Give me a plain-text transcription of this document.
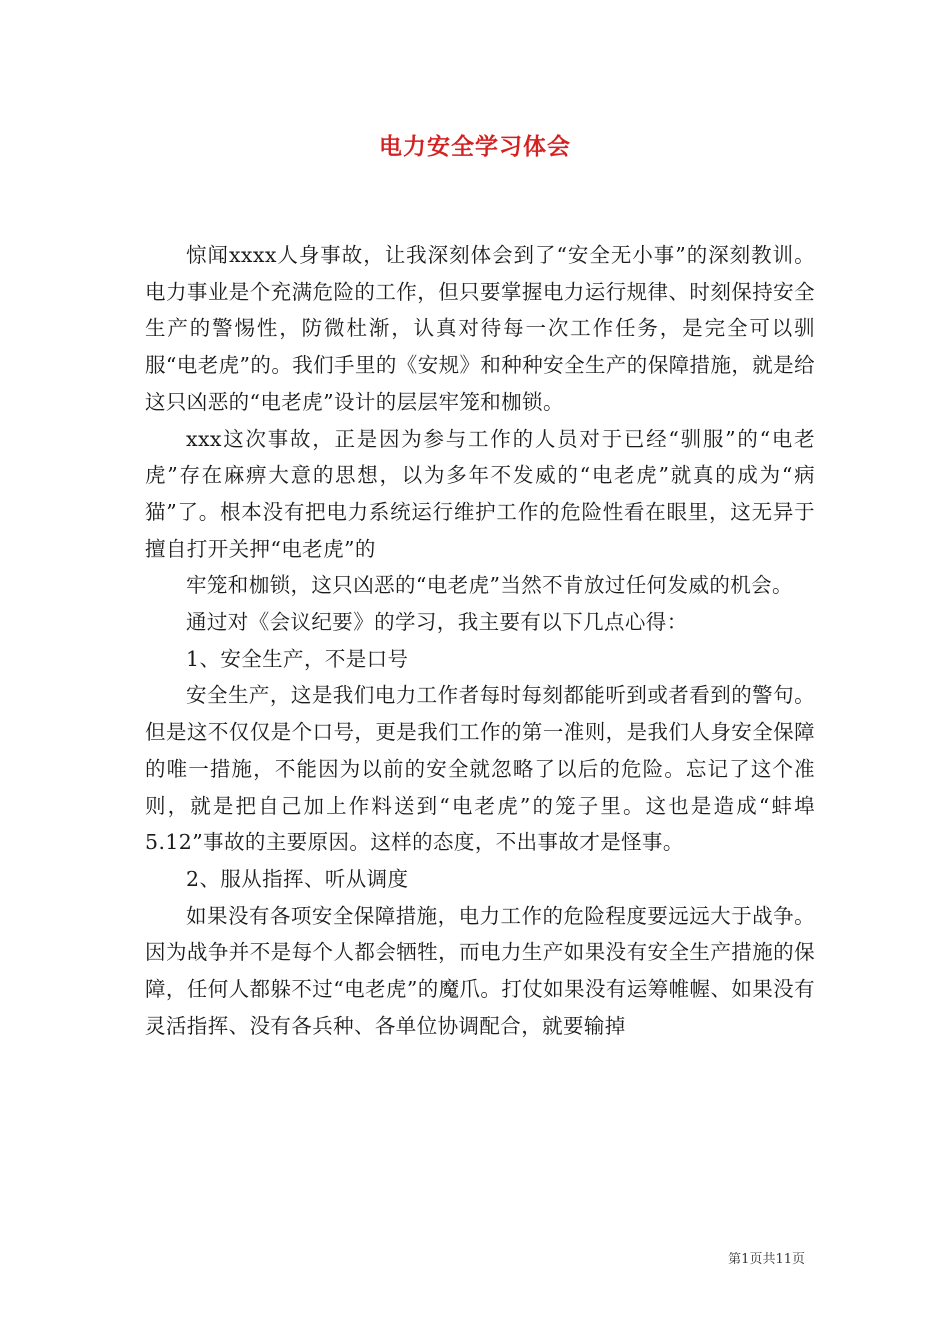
电力安全学习体会

惊闻xxxx人身事故，让我深刻体会到了“安全无小事”的深刻教训。电力事业是个充满危险的工作，但只要掌握电力运行规律、时刻保持安全生产的警惕性，防微杜渐，认真对待每一次工作任务，是完全可以驯服“电老虎”的。我们手里的《安规》和种种安全生产的保障措施，就是给这只凶恶的“电老虎”设计的层层牢笼和枷锁。

xxx这次事故，正是因为参与工作的人员对于已经“驯服”的“电老虎”存在麻痹大意的思想，以为多年不发威的“电老虎”就真的成为“病猫”了。根本没有把电力系统运行维护工作的危险性看在眼里，这无异于擅自打开关押“电老虎”的

牢笼和枷锁，这只凶恶的“电老虎”当然不肯放过任何发威的机会。

通过对《会议纪要》的学习，我主要有以下几点心得：

1、安全生产，不是口号

安全生产，这是我们电力工作者每时每刻都能听到或者看到的警句。但是这不仅仅是个口号，更是我们工作的第一准则，是我们人身安全保障的唯一措施，不能因为以前的安全就忽略了以后的危险。忘记了这个准则，就是把自己加上作料送到“电老虎”的笼子里。这也是造成“蚌埠5.12”事故的主要原因。这样的态度，不出事故才是怪事。

2、服从指挥、听从调度

如果没有各项安全保障措施，电力工作的危险程度要远远大于战争。因为战争并不是每个人都会牺牲，而电力生产如果没有安全生产措施的保障，任何人都躲不过“电老虎”的魔爪。打仗如果没有运筹帷幄、如果没有灵活指挥、没有各兵种、各单位协调配合，就要输掉

第1页共11页
